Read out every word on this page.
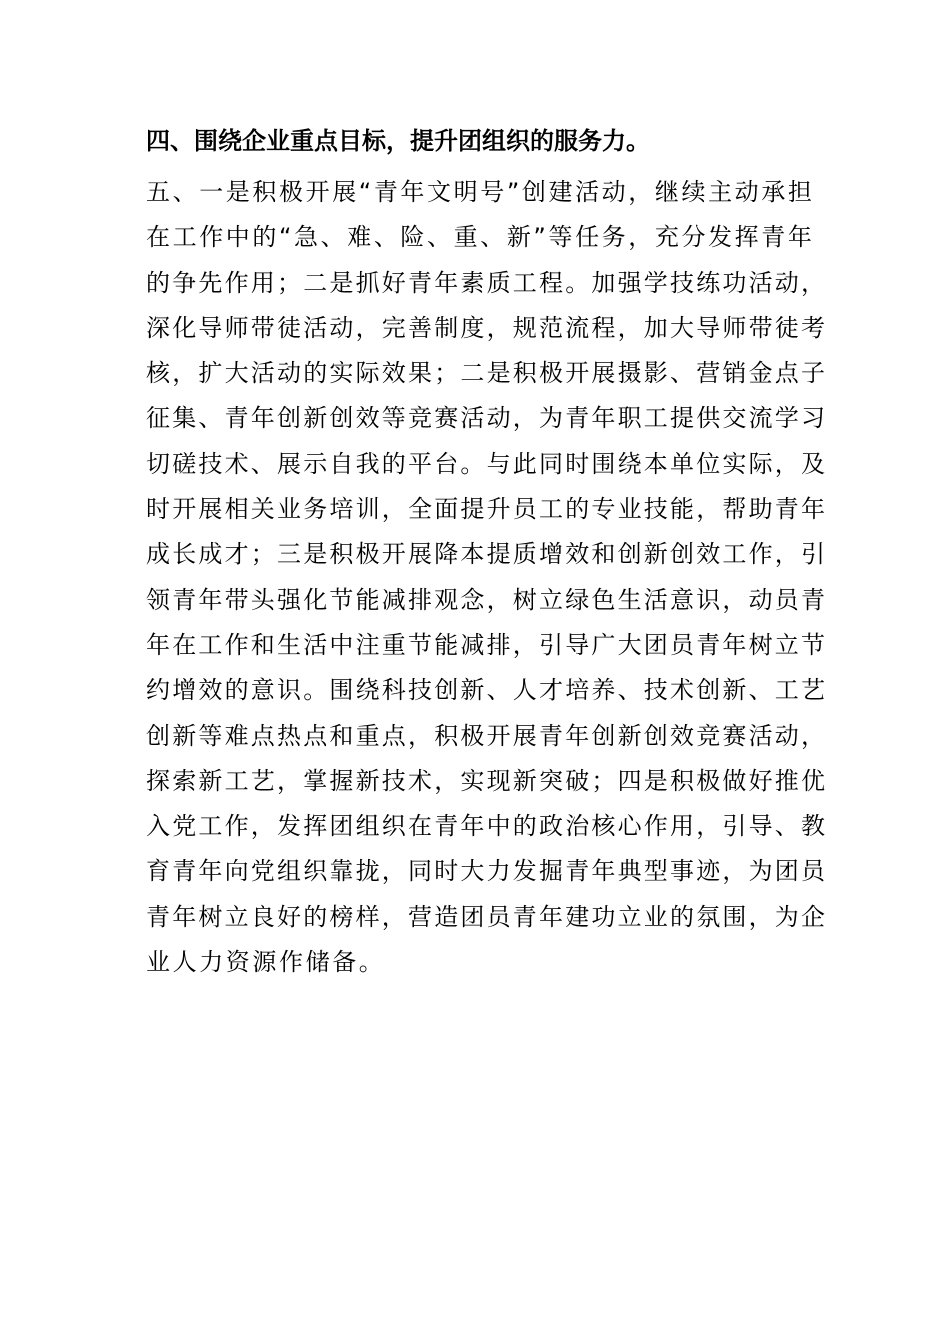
四、围绕企业重点目标，提升团组织的服务力。
五、一是积极开展“青年文明号”创建活动，继续主动承担
在工作中的“急、难、险、重、新”等任务，充分发挥青年
的争先作用；二是抓好青年素质工程。加强学技练功活动，
深化导师带徒活动，完善制度，规范流程，加大导师带徒考
核，扩大活动的实际效果；二是积极开展摄影、营销金点子
征集、青年创新创效等竞赛活动，为青年职工提供交流学习
切磋技术、展示自我的平台。与此同时围绕本单位实际，及
时开展相关业务培训，全面提升员工的专业技能，帮助青年
成长成才；三是积极开展降本提质增效和创新创效工作，引
领青年带头强化节能减排观念，树立绿色生活意识，动员青
年在工作和生活中注重节能减排，引导广大团员青年树立节
约增效的意识。围绕科技创新、人才培养、技术创新、工艺
创新等难点热点和重点，积极开展青年创新创效竞赛活动，
探索新工艺，掌握新技术，实现新突破；四是积极做好推优
入党工作，发挥团组织在青年中的政治核心作用，引导、教
育青年向党组织靠拢，同时大力发掘青年典型事迹，为团员
青年树立良好的榜样，营造团员青年建功立业的氛围，为企
业人力资源作储备。
